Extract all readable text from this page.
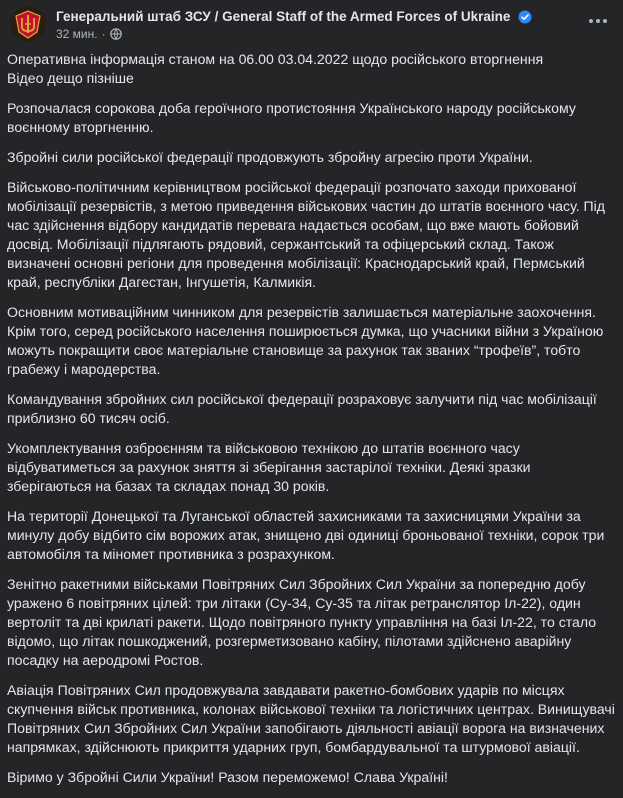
Генеральний штаб ЗСУ / General Staff of the Armed Forces of Ukraine
32 мин. ·

Оперативна інформація станом на 06.00 03.04.2022 щодо російського вторгнення
Відео дещо пізніше

Розпочалася сорокова доба героїчного протистояння Українського народу російському воєнному вторгненню.

Збройні сили російської федерації продовжують збройну агресію проти України.

Військово-політичним керівництвом російської федерації розпочато заходи прихованої мобілізації резервістів, з метою приведення військових частин до штатів воєнного часу. Під час здійснення відбору кандидатів перевага надається особам, що вже мають бойовий досвід. Мобілізації підлягають рядовий, сержантський та офіцерський склад. Також визначені основні регіони для проведення мобілізації: Краснодарський край, Пермський край, республіки Дагестан, Інгушетія, Калмикія.

Основним мотиваційним чинником для резервістів залишається матеріальне заохочення. Крім того, серед російського населення поширюється думка, що учасники війни з Україною можуть покращити своє матеріальне становище за рахунок так званих “трофеїв”, тобто грабежу і мародерства.

Командування збройних сил російської федерації розраховує залучити під час мобілізації приблизно 60 тисяч осіб.

Укомплектування озброєнням та військовою технікою до штатів воєнного часу відбуватиметься за рахунок зняття зі зберігання застарілої техніки. Деякі зразки зберігаються на базах та складах понад 30 років.

На території Донецької та Луганської областей захисниками та захисницями України за минулу добу відбито сім ворожих атак, знищено дві одиниці броньованої техніки, сорок три автомобіля та міномет противника з розрахунком.

Зенітно ракетними військами Повітряних Сил Збройних Сил України за попередню добу уражено 6 повітряних цілей: три літаки (Су-34, Су-35 та літак ретранслятор Іл-22), один вертоліт та дві крилаті ракети. Щодо повітряного пункту управління на базі Іл-22, то стало відомо, що літак пошкоджений, розгерметизовано кабіну, пілотами здійснено аварійну посадку на аеродромі Ростов.

Авіація Повітряних Сил продовжувала завдавати ракетно-бомбових ударів по місцях скупчення військ противника, колонах військової техніки та логістичних центрах. Винищувачі Повітряних Сил Збройних Сил України запобігають діяльності авіації ворога на визначених напрямках, здійснюють прикриття ударних груп, бомбардувальної та штурмової авіації.

Віримо у Збройні Сили України! Разом переможемо! Слава Україні!
